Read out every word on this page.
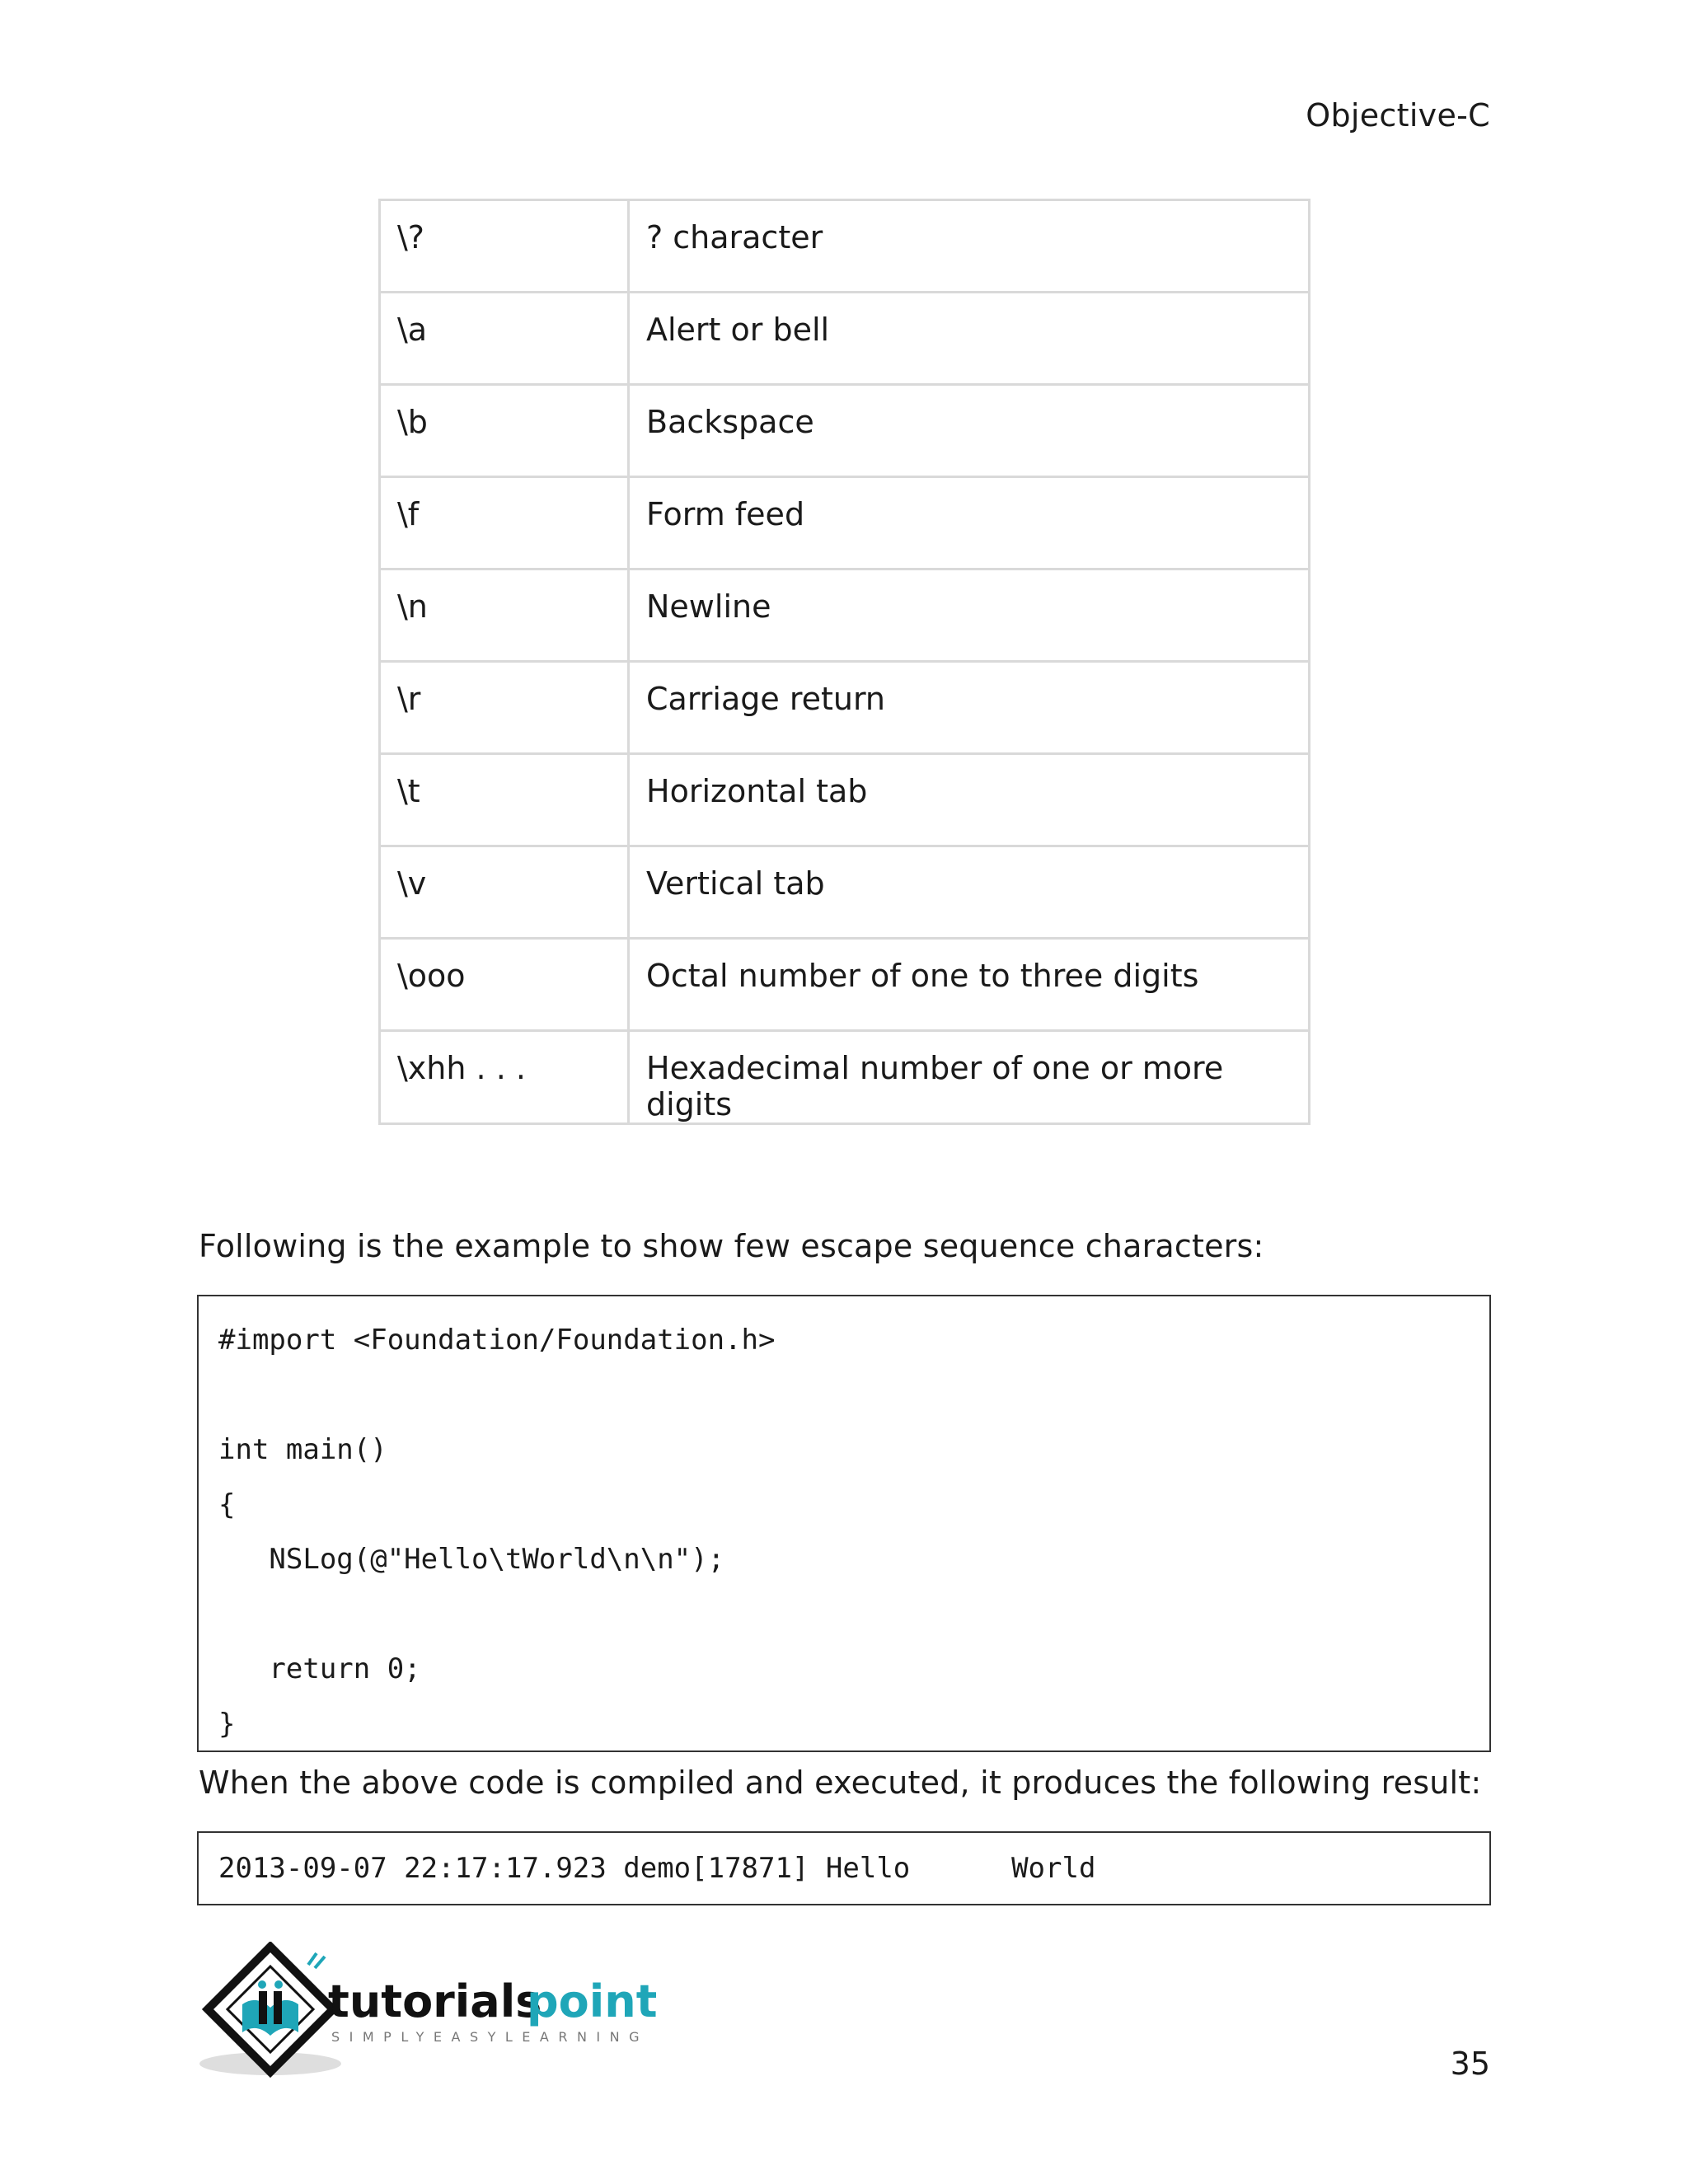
Objective-C
\?	? character
\a	Alert or bell
\b	Backspace
\f	Form feed
\n	Newline
\r	Carriage return
\t	Horizontal tab
\v	Vertical tab
\ooo	Octal number of one to three digits
\xhh . . .	Hexadecimal number of one or more digits
Following is the example to show few escape sequence characters:
#import <Foundation/Foundation.h>
int main()
{
NSLog(@"Hello\tWorld\n\n");
return 0;
}
When the above code is compiled and executed, it produces the following result:
2013-09-07 22:17:17.923 demo[17871] Hello      World
tutorials
point
SIMPLYEASYLEARNING
35
